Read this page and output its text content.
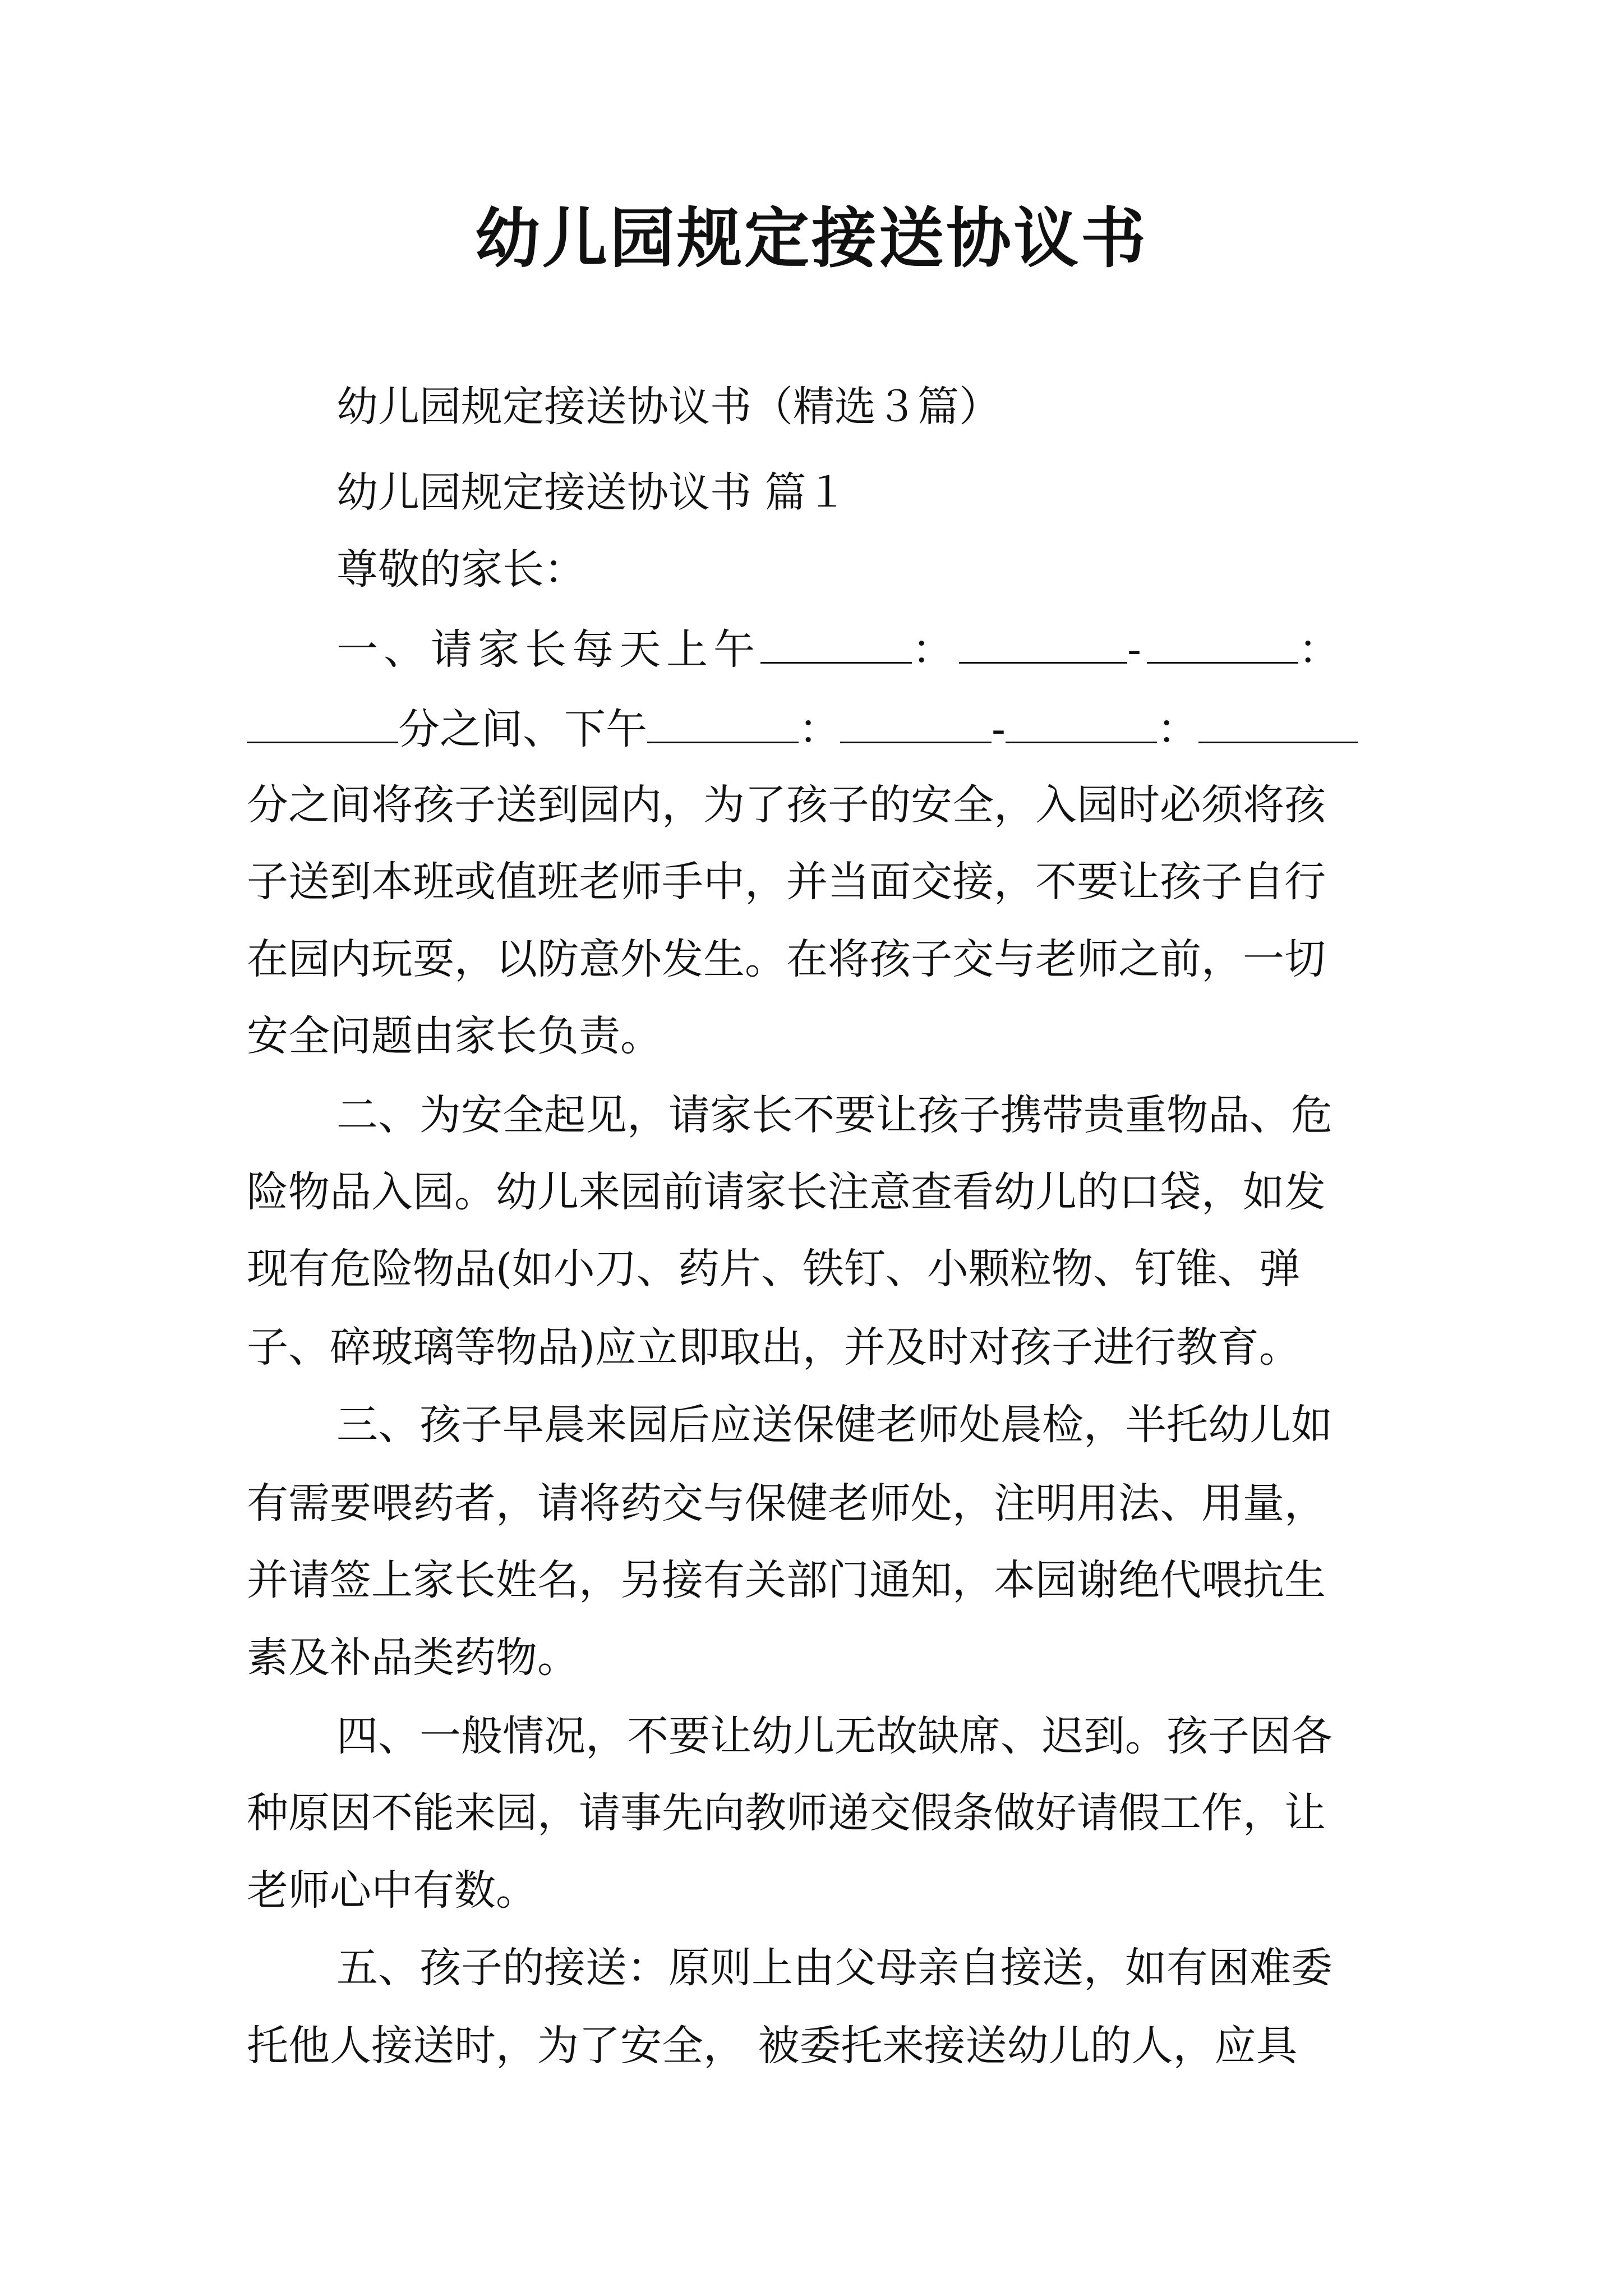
幼儿园规定接送协议书
幼儿园规定接送协议书（精选３篇）
幼儿园规定接送协议书 篇１
尊敬的家长：
一、请家长每天上午	：	-	：
分之间、下午	：	-	：
分之间将孩子送到园内，为了孩子的安全，入园时必须将孩
子送到本班或值班老师手中，并当面交接，不要让孩子自行
在园内玩耍，以防意外发生。在将孩子交与老师之前，一切
安全问题由家长负责。
二、为安全起见，请家长不要让孩子携带贵重物品、危
险物品入园。幼儿来园前请家长注意查看幼儿的口袋，如发
现有危险物品(如小刀、药片、铁钉、小颗粒物、钉锥、弹
子、碎玻璃等物品)应立即取出，并及时对孩子进行教育。
三、孩子早晨来园后应送保健老师处晨检，半托幼儿如
有需要喂药者，请将药交与保健老师处，注明用法、用量，
并请签上家长姓名，另接有关部门通知，本园谢绝代喂抗生
素及补品类药物。
四、一般情况，不要让幼儿无故缺席、迟到。孩子因各
种原因不能来园，请事先向教师递交假条做好请假工作，让
老师心中有数。
五、孩子的接送：原则上由父母亲自接送，如有困难委
托他人接送时，为了安全， 被委托来接送幼儿的人，应具
